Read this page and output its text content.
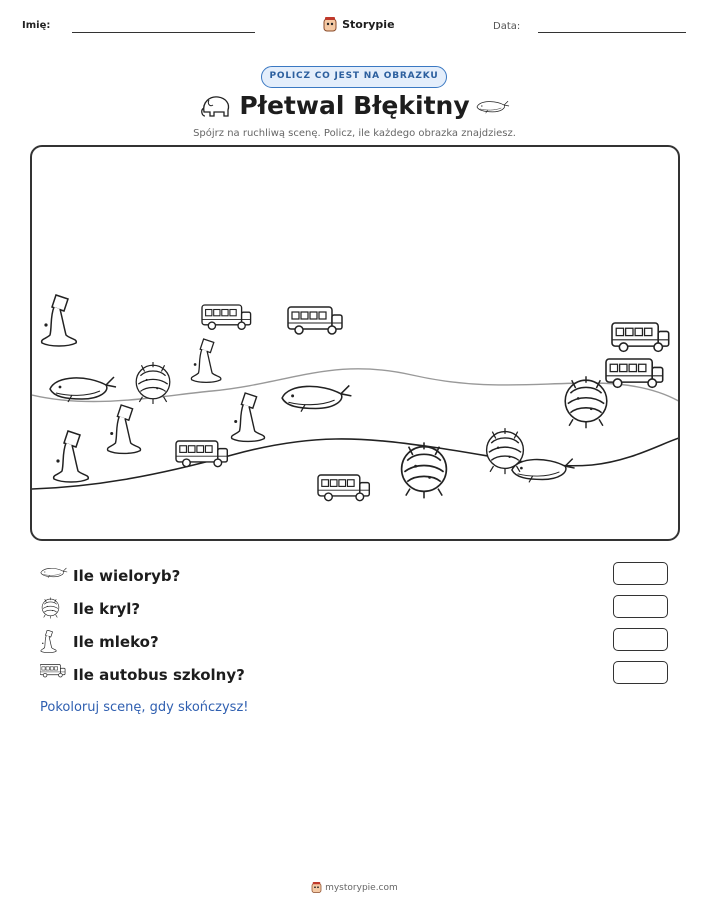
Imię:	Storypie	Data:
POLICZ CO JEST NA OBRAZKU
Płetwal Błękitny
Spójrz na ruchliwą scenę. Policz, ile każdego obrazka znajdziesz.
Ile wieloryb?
Ile kryl?
Ile mleko?
Ile autobus szkolny?
Pokoloruj scenę, gdy skończysz!
mystorypie.com
